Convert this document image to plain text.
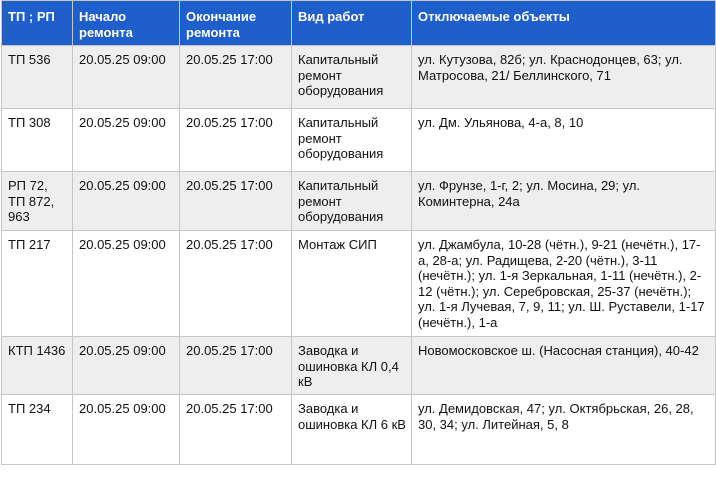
ТП ; РП	Начало ремонта	Окончание ремонта	Вид работ	Отключаемые объекты
ТП 536	20.05.25 09:00	20.05.25 17:00	Капитальный ремонт оборудования	ул. Кутузова, 82б; ул. Краснодонцев, 63; ул. Матросова, 21/ Беллинского, 71
ТП 308	20.05.25 09:00	20.05.25 17:00	Капитальный ремонт оборудования	ул. Дм. Ульянова, 4-а, 8, 10
РП 72, ТП 872, 963	20.05.25 09:00	20.05.25 17:00	Капитальный ремонт оборудования	ул. Фрунзе, 1-г, 2; ул. Мосина, 29; ул. Коминтерна, 24а
ТП 217	20.05.25 09:00	20.05.25 17:00	Монтаж СИП	ул. Джамбула, 10-28 (чётн.), 9-21 (нечётн.), 17-а, 28-а; ул. Радищева, 2-20 (чётн.), 3-11 (нечётн.); ул. 1-я Зеркальная, 1-11 (нечётн.), 2-12 (чётн.); ул. Серебровская, 25-37 (нечётн.); ул. 1-я Лучевая, 7, 9, 11; ул. Ш. Руставели, 1-17 (нечётн.), 1-а
КТП 1436	20.05.25 09:00	20.05.25 17:00	Заводка и ошиновка КЛ 0,4 кВ	Новомосковское ш. (Насосная станция), 40-42
ТП 234	20.05.25 09:00	20.05.25 17:00	Заводка и ошиновка КЛ 6 кВ	ул. Демидовская, 47; ул. Октябрьская, 26, 28, 30, 34; ул. Литейная, 5, 8
